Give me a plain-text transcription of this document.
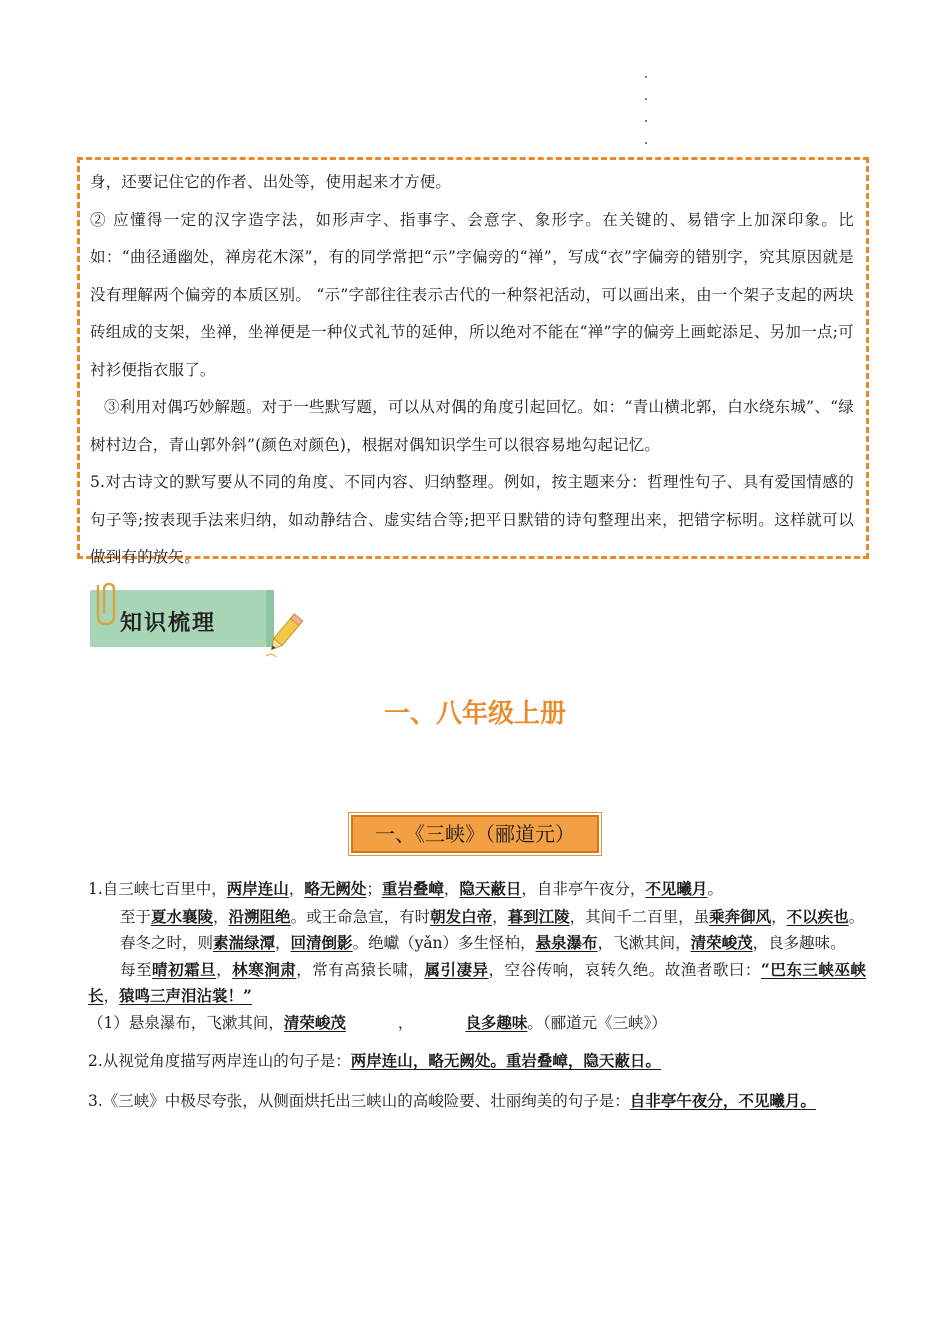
身，还要记住它的作者、出处等，使用起来才方便。

② 应懂得一定的汉字造字法，如形声字、指事字、会意字、象形字。在关键的、易错字上加深印象。比如：“曲径通幽处，禅房花木深”，有的同学常把“示”字偏旁的“禅”，写成“衣”字偏旁的错别字，究其原因就是没有理解两个偏旁的本质区别。 “示”字部往往表示古代的一种祭祀活动，可以画出来，由一个架子支起的两块砖组成的支架，坐禅，坐禅便是一种仪式礼节的延伸，所以绝对不能在“禅”字的偏旁上画蛇添足、另加一点;可衬衫便指衣服了。

③利用对偶巧妙解题。对于一些默写题，可以从对偶的角度引起回忆。如：“青山横北郭，白水绕东城”、“绿树村边合，青山郭外斜”(颜色对颜色)，根据对偶知识学生可以很容易地勾起记忆。

5.对古诗文的默写要从不同的角度、不同内容、归纳整理。例如，按主题来分：哲理性句子、具有爱国情感的句子等;按表现手法来归纳，如动静结合、虚实结合等;把平日默错的诗句整理出来，把错字标明。这样就可以做到有的放矢。

知识梳理
一、八年级上册
一、《三峡》（郦道元）

1.自三峡七百里中，两岸连山，略无阙处；重岩叠嶂，隐天蔽日，自非亭午夜分，不见曦月。

至于夏水襄陵，沿溯阻绝。或王命急宣，有时朝发白帝，暮到江陵，其间千二百里，虽乘奔御风，不以疾也。

春冬之时，则素湍绿潭，回清倒影。绝巘（yǎn）多生怪柏，悬泉瀑布，飞漱其间，清荣峻茂，良多趣味。

每至晴初霜旦，林寒涧肃，常有高猿长啸，属引凄异，空谷传响，哀转久绝。故渔者歌曰：“巴东三峡巫峡长，猿鸣三声泪沾裳！”

（1）悬泉瀑布，飞漱其间，清荣峻茂	，	良多趣味。（郦道元《三峡》）

2.从视觉角度描写两岸连山的句子是：两岸连山，略无阙处。重岩叠嶂，隐天蔽日。

3.《三峡》中极尽夸张，从侧面烘托出三峡山的高峻险要、壮丽绚美的句子是：自非亭午夜分，不见曦月。
